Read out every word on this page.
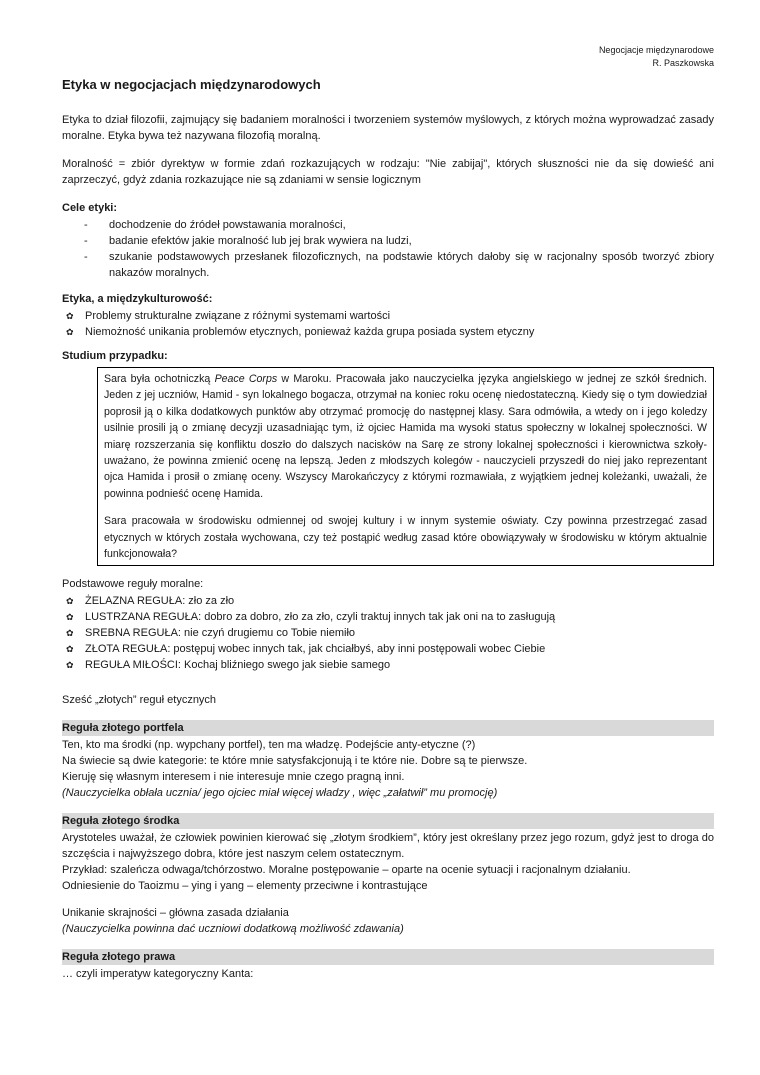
Negocjacje międzynarodowe
R. Paszkowska
Etyka w negocjacjach międzynarodowych

Etyka to dział filozofii, zajmujący się badaniem moralności i tworzeniem systemów myślowych, z których można wyprowadzać zasady moralne. Etyka bywa też nazywana filozofią moralną.

Moralność = zbiór dyrektyw w formie zdań rozkazujących w rodzaju: "Nie zabijaj", których słuszności nie da się dowieść ani zaprzeczyć, gdyż zdania rozkazujące nie są zdaniami w sensie logicznym

Cele etyki:
- dochodzenie do źródeł powstawania moralności,
- badanie efektów jakie moralność lub jej brak wywiera na ludzi,
- szukanie podstawowych przesłanek filozoficznych, na podstawie których dałoby się w racjonalny sposób tworzyć zbiory nakazów moralnych.
Etyka, a międzykulturowość:
✿ Problemy strukturalne związane z różnymi systemami wartości
✿ Niemożność unikania problemów etycznych, ponieważ każda grupa posiada system etyczny
Studium przypadku:

Sara była ochotniczką Peace Corps w Maroku. Pracowała jako nauczycielka języka angielskiego w jednej ze szkół średnich. Jeden z jej uczniów, Hamid - syn lokalnego bogacza, otrzymał na koniec roku ocenę niedostateczną. Kiedy się o tym dowiedział poprosił ją o kilka dodatkowych punktów aby otrzymać promocję do następnej klasy. Sara odmówiła, a wtedy on i jego koledzy usilnie prosili ją o zmianę decyzji uzasadniając tym, iż ojciec Hamida ma wysoki status społeczny w lokalnej społeczności. W miarę rozszerzania się konfliktu doszło do dalszych nacisków na Sarę ze strony lokalnej społeczności i kierownictwa szkoły- uważano, że powinna zmienić ocenę na lepszą. Jeden z młodszych kolegów - nauczycieli przyszedł do niej jako reprezentant ojca Hamida i prosił o zmianę oceny. Wszyscy Marokańczycy z którymi rozmawiała, z wyjątkiem jednej koleżanki, uważali, że powinna podnieść ocenę Hamida.

Sara pracowała w środowisku odmiennej od swojej kultury i w innym systemie oświaty. Czy powinna przestrzegać zasad etycznych w których została wychowana, czy też postąpić według zasad które obowiązywały w środowisku w którym aktualnie funkcjonowała?

Podstawowe reguły moralne:
✿ ŻELAZNA REGUŁA: zło za zło
✿ LUSTRZANA REGUŁA: dobro za dobro, zło za zło, czyli traktuj innych tak jak oni na to zasługują
✿ SREBNA REGUŁA: nie czyń drugiemu co Tobie niemiło
✿ ZŁOTA REGUŁA: postępuj wobec innych tak, jak chciałbyś, aby inni postępowali wobec Ciebie
✿ REGUŁA MIŁOŚCI: Kochaj bliźniego swego jak siebie samego

Sześć „złotych” reguł etycznych

Reguła złotego portfela

Ten, kto ma środki (np. wypchany portfel), ten ma władzę. Podejście anty-etyczne (?)

Na świecie są dwie kategorie: te które mnie satysfakcjonują i te które nie. Dobre są te pierwsze.

Kieruję się własnym interesem i nie interesuje mnie czego pragną inni.

(Nauczycielka obłała ucznia/ jego ojciec miał więcej władzy , więc „załatwił” mu promocję)

Reguła złotego środka

Arystoteles uważał, że człowiek powinien kierować się „złotym środkiem”, który jest określany przez jego rozum, gdyż jest to droga do szczęścia i najwyższego dobra, które jest naszym celem ostatecznym.

Przykład: szaleńcza odwaga/tchórzostwo. Moralne postępowanie – oparte na ocenie sytuacji i racjonalnym działaniu.

Odniesienie do Taoizmu – ying i yang – elementy przeciwne i kontrastujące

Unikanie skrajności – główna zasada działania

(Nauczycielka powinna dać uczniowi dodatkową możliwość zdawania)

Reguła złotego prawa

… czyli imperatyw kategoryczny Kanta:
